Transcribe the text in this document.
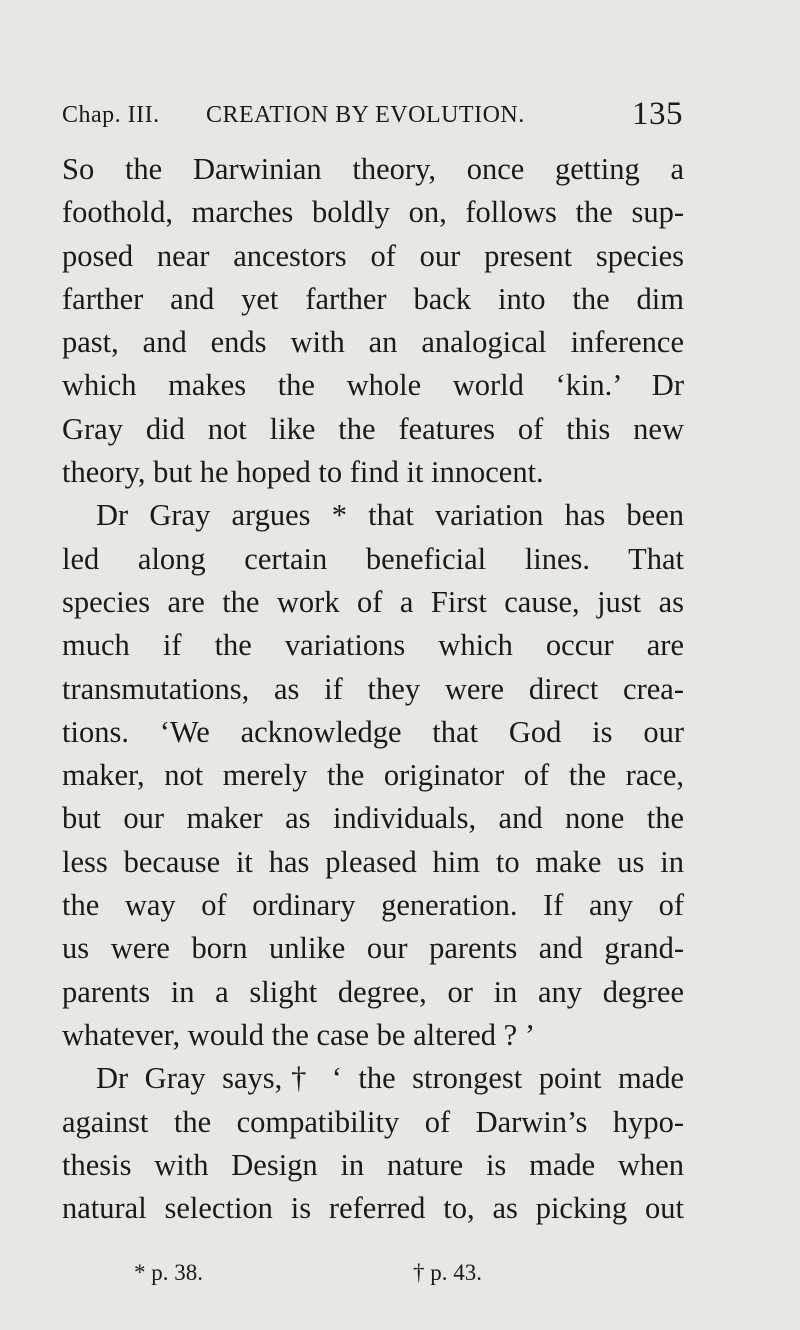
Chap. III. CREATION BY EVOLUTION.	135
So the Darwinian theory, once getting a
foothold, marches boldly on, follows the sup-
posed near ancestors of our present species
farther and yet farther back into the dim
past, and ends with an analogical inference
which makes the whole world ‘kin.’ Dr
Gray did not like the features of this new
theory, but he hoped to find it innocent.
Dr Gray argues * that variation has been
led along certain beneficial lines. That
species are the work of a First cause, just as
much if the variations which occur are
transmutations, as if they were direct crea-
tions. ‘We acknowledge that God is our
maker, not merely the originator of the race,
but our maker as individuals, and none the
less because it has pleased him to make us in
the way of ordinary generation. If any of
us were born unlike our parents and grand-
parents in a slight degree, or in any degree
whatever, would the case be altered ? ’
Dr Gray says,† ‘ the strongest point made
against the compatibility of Darwin’s hypo-
thesis with Design in nature is made when
natural selection is referred to, as picking out
* p. 38.	† p. 43.
